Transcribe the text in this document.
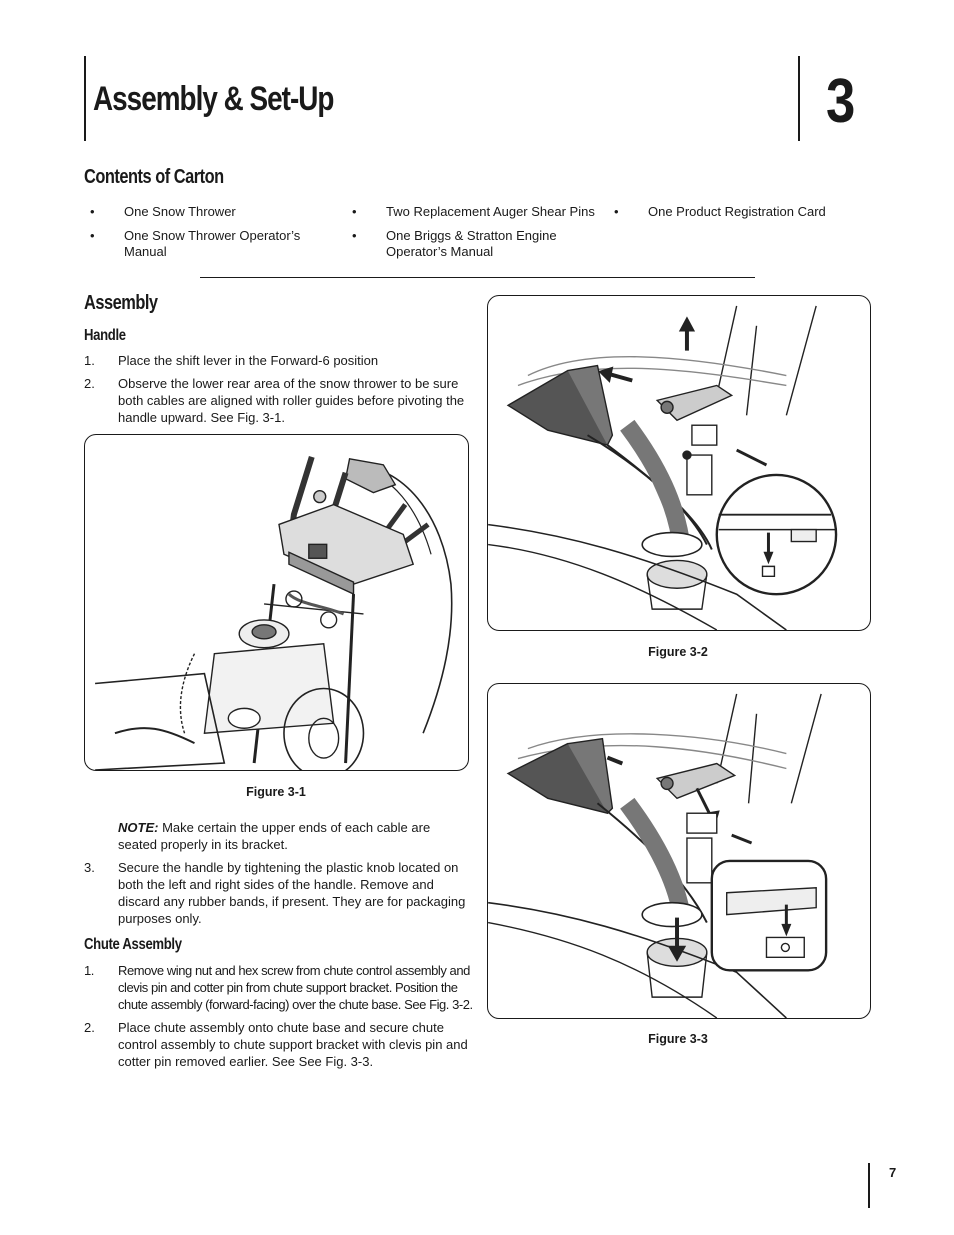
Assembly & Set-Up	3
Contents of Carton
• One Snow Thrower
• One Snow Thrower Operator’s Manual
• Two Replacement Auger Shear Pins
• One Briggs & Stratton Engine Operator’s Manual
• One Product Registration Card
Assembly
Handle
1. Place the shift lever in the Forward-6 position
2. Observe the lower rear area of the snow thrower to be sure both cables are aligned with roller guides before pivoting the handle upward. See Fig. 3-1.
Figure 3-1
NOTE: Make certain the upper ends of each cable are seated properly in its bracket.
3. Secure the handle by tightening the plastic knob located on both the left and right sides of the handle. Remove and discard any rubber bands, if present. They are for packaging purposes only.
Chute Assembly
1. Remove wing nut and hex screw from chute control assembly and clevis pin and cotter pin from chute support bracket. Position the chute assembly (forward-facing) over the chute base. See Fig. 3-2.
2. Place chute assembly onto chute base and secure chute control assembly to chute support bracket with clevis pin and cotter pin removed earlier. See See Fig. 3-3.
Figure 3-2
Figure 3-3
7
